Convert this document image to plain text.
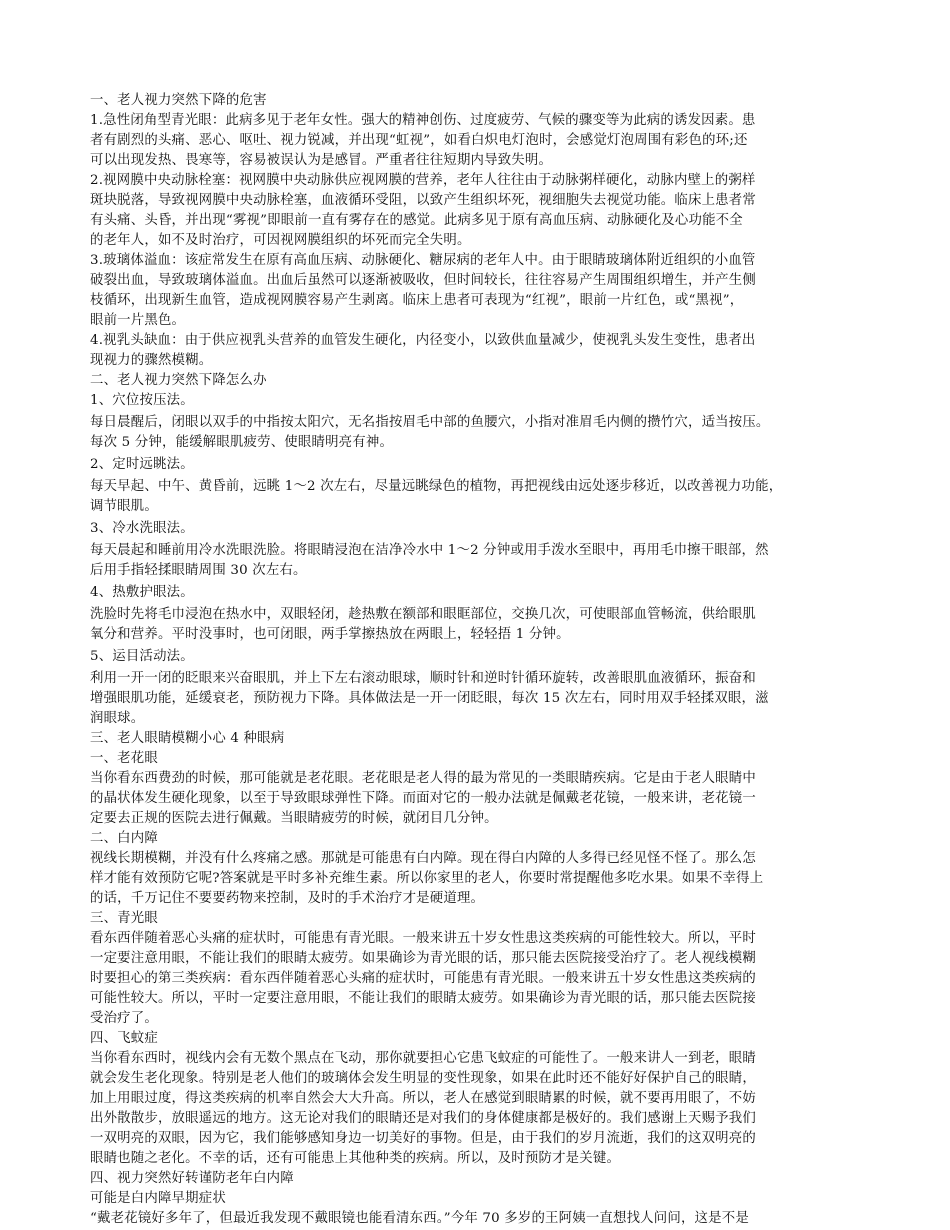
一、老人视力突然下降的危害
1.急性闭角型青光眼：此病多见于老年女性。强大的精神创伤、过度疲劳、气候的骤变等为此病的诱发因素。患
者有剧烈的头痛、恶心、呕吐、视力锐减，并出现“虹视”，如看白炽电灯泡时，会感觉灯泡周围有彩色的环;还
可以出现发热、畏寒等，容易被误认为是感冒。严重者往往短期内导致失明。
2.视网膜中央动脉栓塞：视网膜中央动脉供应视网膜的营养，老年人往往由于动脉粥样硬化，动脉内壁上的粥样
斑块脱落，导致视网膜中央动脉栓塞，血液循环受阻，以致产生组织坏死，视细胞失去视觉功能。临床上患者常
有头痛、头昏，并出现“雾视”即眼前一直有雾存在的感觉。此病多见于原有高血压病、动脉硬化及心功能不全
的老年人，如不及时治疗，可因视网膜组织的坏死而完全失明。
3.玻璃体溢血：该症常发生在原有高血压病、动脉硬化、糖尿病的老年人中。由于眼睛玻璃体附近组织的小血管
破裂出血，导致玻璃体溢血。出血后虽然可以逐渐被吸收，但时间较长，往往容易产生周围组织增生，并产生侧
枝循环，出现新生血管，造成视网膜容易产生剥离。临床上患者可表现为“红视”，眼前一片红色，或“黑视”，
眼前一片黑色。
4.视乳头缺血：由于供应视乳头营养的血管发生硬化，内径变小，以致供血量减少，使视乳头发生变性，患者出
现视力的骤然模糊。
二、老人视力突然下降怎么办
1、穴位按压法。
每日晨醒后，闭眼以双手的中指按太阳穴，无名指按眉毛中部的鱼腰穴，小指对准眉毛内侧的攒竹穴，适当按压。
每次 5 分钟，能缓解眼肌疲劳、使眼睛明亮有神。
2、定时远眺法。
每天早起、中午、黄昏前，远眺 1～2 次左右，尽量远眺绿色的植物，再把视线由远处逐步移近，以改善视力功能，
调节眼肌。
3、冷水洗眼法。
每天晨起和睡前用冷水洗眼洗脸。将眼睛浸泡在洁净冷水中 1～2 分钟或用手泼水至眼中，再用毛巾擦干眼部，然
后用手指轻揉眼睛周围 30 次左右。
4、热敷护眼法。
洗脸时先将毛巾浸泡在热水中，双眼轻闭，趁热敷在额部和眼眶部位，交换几次，可使眼部血管畅流，供给眼肌
氧分和营养。平时没事时，也可闭眼，两手掌擦热放在两眼上，轻轻捂 1 分钟。
5、运目活动法。
利用一开一闭的眨眼来兴奋眼肌，并上下左右滚动眼球，顺时针和逆时针循环旋转，改善眼肌血液循环，振奋和
增强眼肌功能，延缓衰老，预防视力下降。具体做法是一开一闭眨眼，每次 15 次左右，同时用双手轻揉双眼，滋
润眼球。
三、老人眼睛模糊小心 4 种眼病
一、老花眼
当你看东西费劲的时候，那可能就是老花眼。老花眼是老人得的最为常见的一类眼睛疾病。它是由于老人眼睛中
的晶状体发生硬化现象，以至于导致眼球弹性下降。而面对它的一般办法就是佩戴老花镜，一般来讲，老花镜一
定要去正规的医院去进行佩戴。当眼睛疲劳的时候，就闭目几分钟。
二、白内障
视线长期模糊，并没有什么疼痛之感。那就是可能患有白内障。现在得白内障的人多得已经见怪不怪了。那么怎
样才能有效预防它呢?答案就是平时多补充维生素。所以你家里的老人，你要时常提醒他多吃水果。如果不幸得上
的话，千万记住不要要药物来控制，及时的手术治疗才是硬道理。
三、青光眼
看东西伴随着恶心头痛的症状时，可能患有青光眼。一般来讲五十岁女性患这类疾病的可能性较大。所以，平时
一定要注意用眼，不能让我们的眼睛太疲劳。如果确诊为青光眼的话，那只能去医院接受治疗了。老人视线模糊
时要担心的第三类疾病：看东西伴随着恶心头痛的症状时，可能患有青光眼。一般来讲五十岁女性患这类疾病的
可能性较大。所以，平时一定要注意用眼，不能让我们的眼睛太疲劳。如果确诊为青光眼的话，那只能去医院接
受治疗了。
四、飞蚊症
当你看东西时，视线内会有无数个黑点在飞动，那你就要担心它患飞蚊症的可能性了。一般来讲人一到老，眼睛
就会发生老化现象。特别是老人他们的玻璃体会发生明显的变性现象，如果在此时还不能好好保护自己的眼睛，
加上用眼过度，得这类疾病的机率自然会大大升高。所以，老人在感觉到眼睛累的时候，就不要再用眼了，不妨
出外散散步，放眼遥远的地方。这无论对我们的眼睛还是对我们的身体健康都是极好的。我们感谢上天赐予我们
一双明亮的双眼，因为它，我们能够感知身边一切美好的事物。但是，由于我们的岁月流逝，我们的这双明亮的
眼睛也随之老化。不幸的话，还有可能患上其他种类的疾病。所以，及时预防才是关键。
四、视力突然好转谨防老年白内障
可能是白内障早期症状
“戴老花镜好多年了，但最近我发现不戴眼镜也能看清东西。”今年 70 多岁的王阿姨一直想找人问问，这是不是
